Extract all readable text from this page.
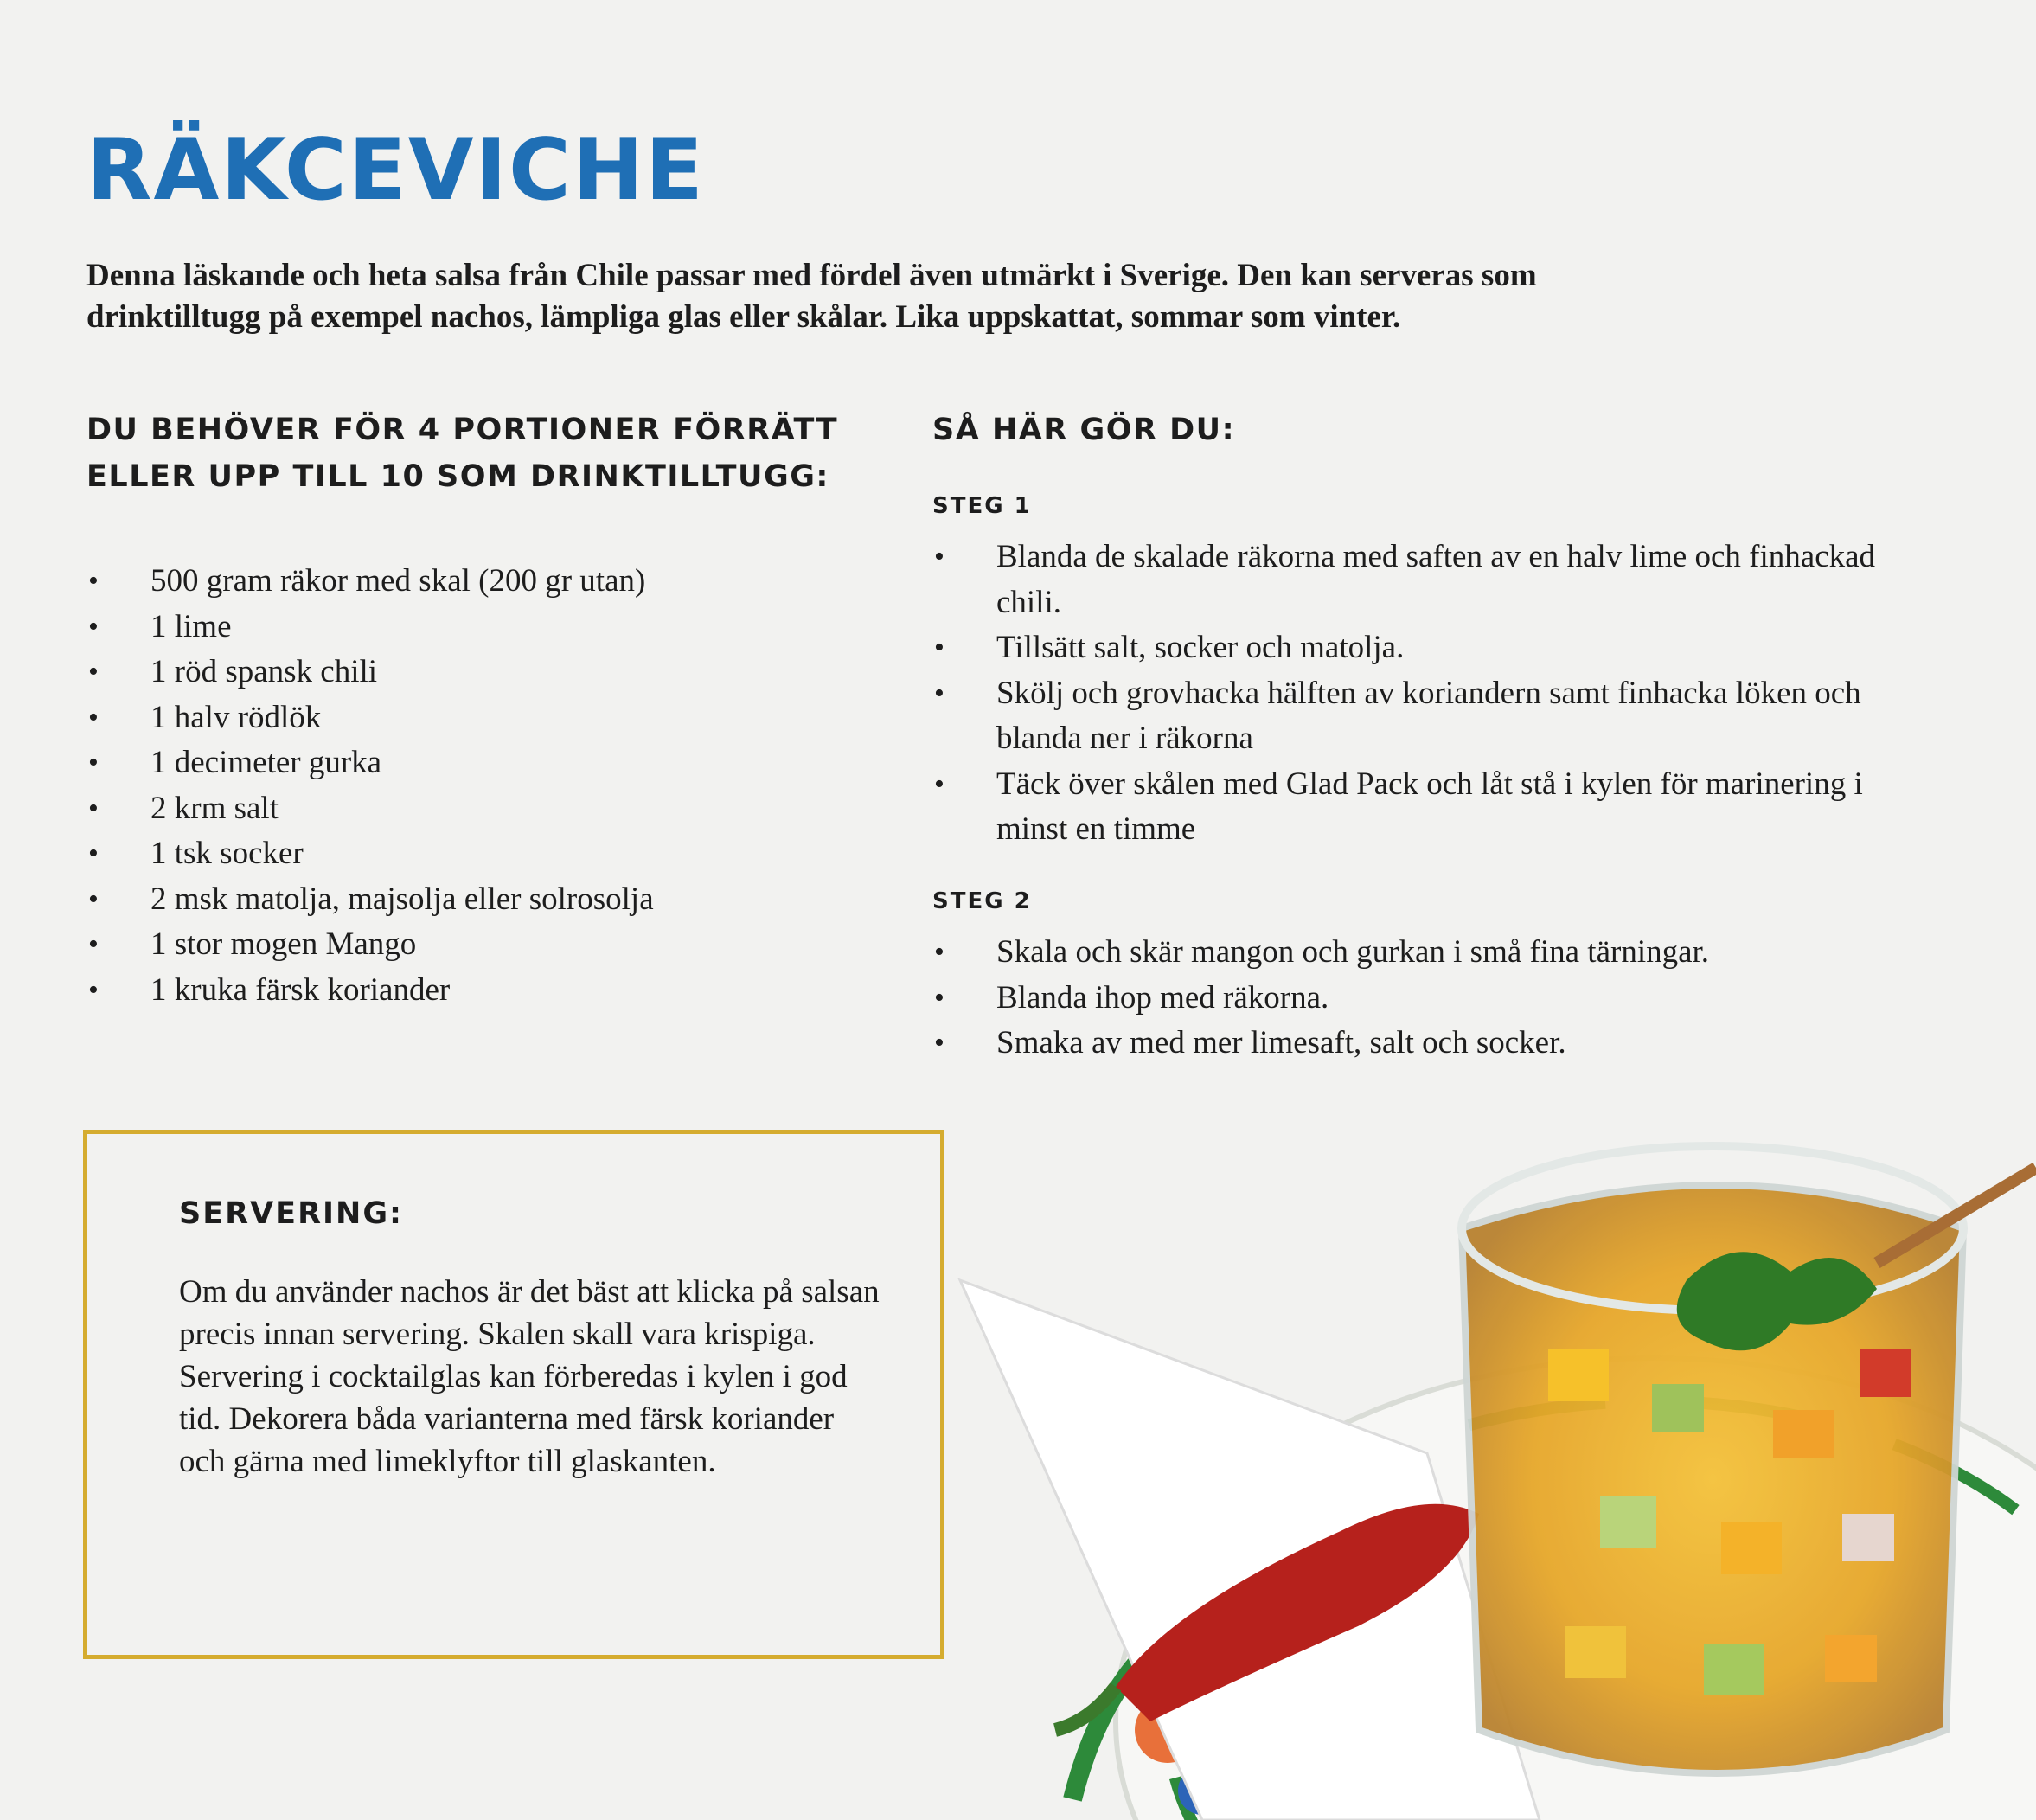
RÄKCEVICHE

Denna läskande och heta salsa från Chile passar med fördel även utmärkt i Sverige. Den kan serveras som drinktilltugg på exempel nachos, lämpliga glas eller skålar. Lika uppskattat, sommar som vinter.

DU BEHÖVER FÖR 4 PORTIONER FÖRRÄTT

ELLER UPP TILL 10 SOM DRINKTILLTUGG:

• 500 gram räkor med skal (200 gr utan)
• 1 lime
• 1 röd spansk chili
• 1 halv rödlök
• 1 decimeter gurka
• 2 krm salt
• 1 tsk socker
• 2 msk matolja, majsolja eller solrosolja
• 1 stor mogen Mango
• 1 kruka färsk koriander

SÅ HÄR GÖR DU:

STEG 1

• Blanda de skalade räkorna med saften av en halv lime och finhackad chili.
• Tillsätt salt, socker och matolja.
• Skölj och grovhacka hälften av koriandern samt finhacka löken och blanda ner i räkorna
• Täck över skålen med Glad Pack och låt stå i kylen för marinering i minst en timme

STEG 2

• Skala och skär mangon och gurkan i små fina tärningar.
• Blanda ihop med räkorna.
• Smaka av med mer limesaft, salt och socker.

SERVERING:

Om du använder nachos är det bäst att klicka på salsan precis innan servering. Skalen skall vara krispiga. Servering i cocktailglas kan förberedas i kylen i god tid. Dekorera båda varianterna med färsk koriander och gärna med limeklyftor till glaskanten.
